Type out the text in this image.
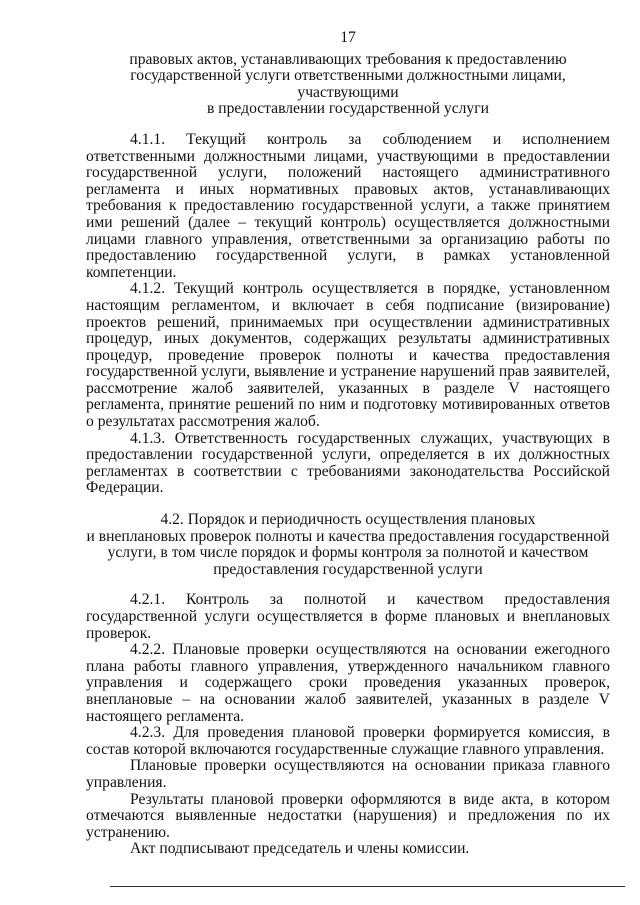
17

правовых актов, устанавливающих требования к предоставлению
государственной услуги ответственными должностными лицами, участвующими
в предоставлении государственной услуги

4.1.1. Текущий контроль за соблюдением и исполнением ответственными должностными лицами, участвующими в предоставлении государственной услуги, положений настоящего административного регламента и иных нормативных правовых актов, устанавливающих требования к предоставлению государственной услуги, а также принятием ими решений (далее – текущий контроль) осуществляется должностными лицами главного управления, ответственными за организацию работы по предоставлению государственной услуги, в рамках установленной компетенции.

4.1.2. Текущий контроль осуществляется в порядке, установленном настоящим регламентом, и включает в себя подписание (визирование) проектов решений, принимаемых при осуществлении административных процедур, иных документов, содержащих результаты административных процедур, проведение проверок полноты и качества предоставления государственной услуги, выявление и устранение нарушений прав заявителей, рассмотрение жалоб заявителей, указанных в разделе V настоящего регламента, принятие решений по ним и подготовку мотивированных ответов о результатах рассмотрения жалоб.

4.1.3. Ответственность государственных служащих, участвующих в предоставлении государственной услуги, определяется в их должностных регламентах в соответствии с требованиями законодательства Российской Федерации.

4.2. Порядок и периодичность осуществления плановых
и внеплановых проверок полноты и качества предоставления государственной
услуги, в том числе порядок и формы контроля за полнотой и качеством
предоставления государственной услуги

4.2.1. Контроль за полнотой и качеством предоставления государственной услуги осуществляется в форме плановых и внеплановых проверок.

4.2.2. Плановые проверки осуществляются на основании ежегодного плана работы главного управления, утвержденного начальником главного управления и содержащего сроки проведения указанных проверок, внеплановые – на основании жалоб заявителей, указанных в разделе V настоящего регламента.

4.2.3. Для проведения плановой проверки формируется комиссия, в состав которой включаются государственные служащие главного управления.

Плановые проверки осуществляются на основании приказа главного управления.

Результаты плановой проверки оформляются в виде акта, в котором отмечаются выявленные недостатки (нарушения) и предложения по их устранению.

Акт подписывают председатель и члены комиссии.
